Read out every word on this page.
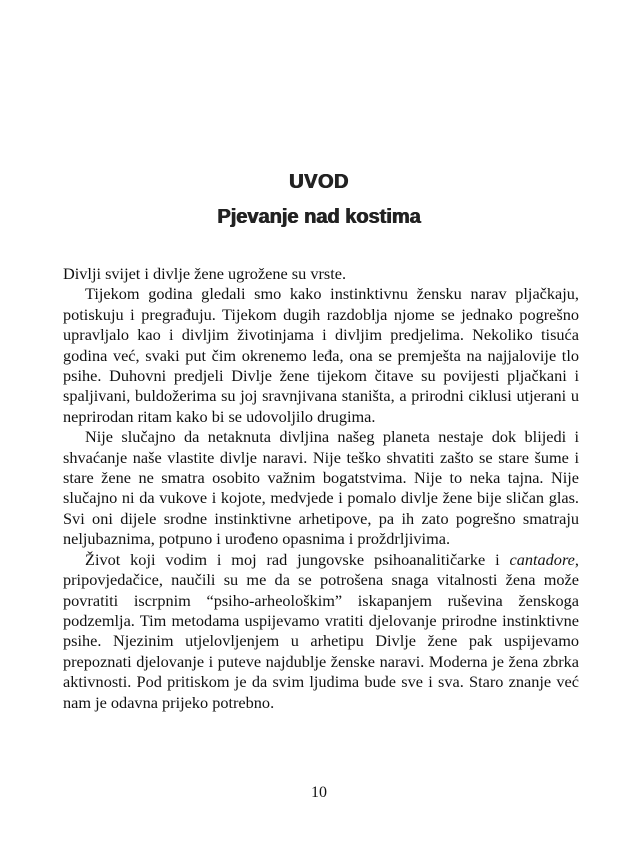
UVOD
Pjevanje nad kostima

Divlji svijet i divlje žene ugrožene su vrste.

Tijekom godina gledali smo kako instinktivnu žensku narav pljačkaju, potiskuju i pregrađuju. Tijekom dugih razdoblja njome se jednako pogrešno upravljalo kao i divljim životinjama i divljim predjelima. Nekoliko tisuća godina već, svaki put čim okrenemo leđa, ona se premješta na najjalovije tlo psihe. Duhovni predjeli Divlje žene tijekom čitave su povijesti pljačkani i spaljivani, buldožerima su joj sravnjivana staništa, a prirodni ciklusi utjerani u neprirodan ritam kako bi se udovoljilo drugima.

Nije slučajno da netaknuta divljina našeg planeta nestaje dok blijedi i shvaćanje naše vlastite divlje naravi. Nije teško shvatiti zašto se stare šume i stare žene ne smatra osobito važnim bogatstvima. Nije to neka tajna. Nije slučajno ni da vukove i kojote, medvjede i pomalo divlje žene bije sličan glas. Svi oni dijele srodne instinktivne arhetipove, pa ih zato pogrešno smatraju neljubaznima, potpuno i urođeno opasnima i proždrljivima.

Život koji vodim i moj rad jungovske psihoanalitičarke i cantadore, pripovjedačice, naučili su me da se potrošena snaga vitalnosti žena može povratiti iscrpnim “psiho-arheološkim” iskapanjem ruševina ženskoga podzemlja. Tim metodama uspijevamo vratiti djelovanje prirodne instinktivne psihe. Njezinim utjelovljenjem u arhetipu Divlje žene pak uspijevamo prepoznati djelovanje i puteve najdublje ženske naravi. Moderna je žena zbrka aktivnosti. Pod pritiskom je da svim ljudima bude sve i sva. Staro znanje već nam je odavna prijeko potrebno.

10
